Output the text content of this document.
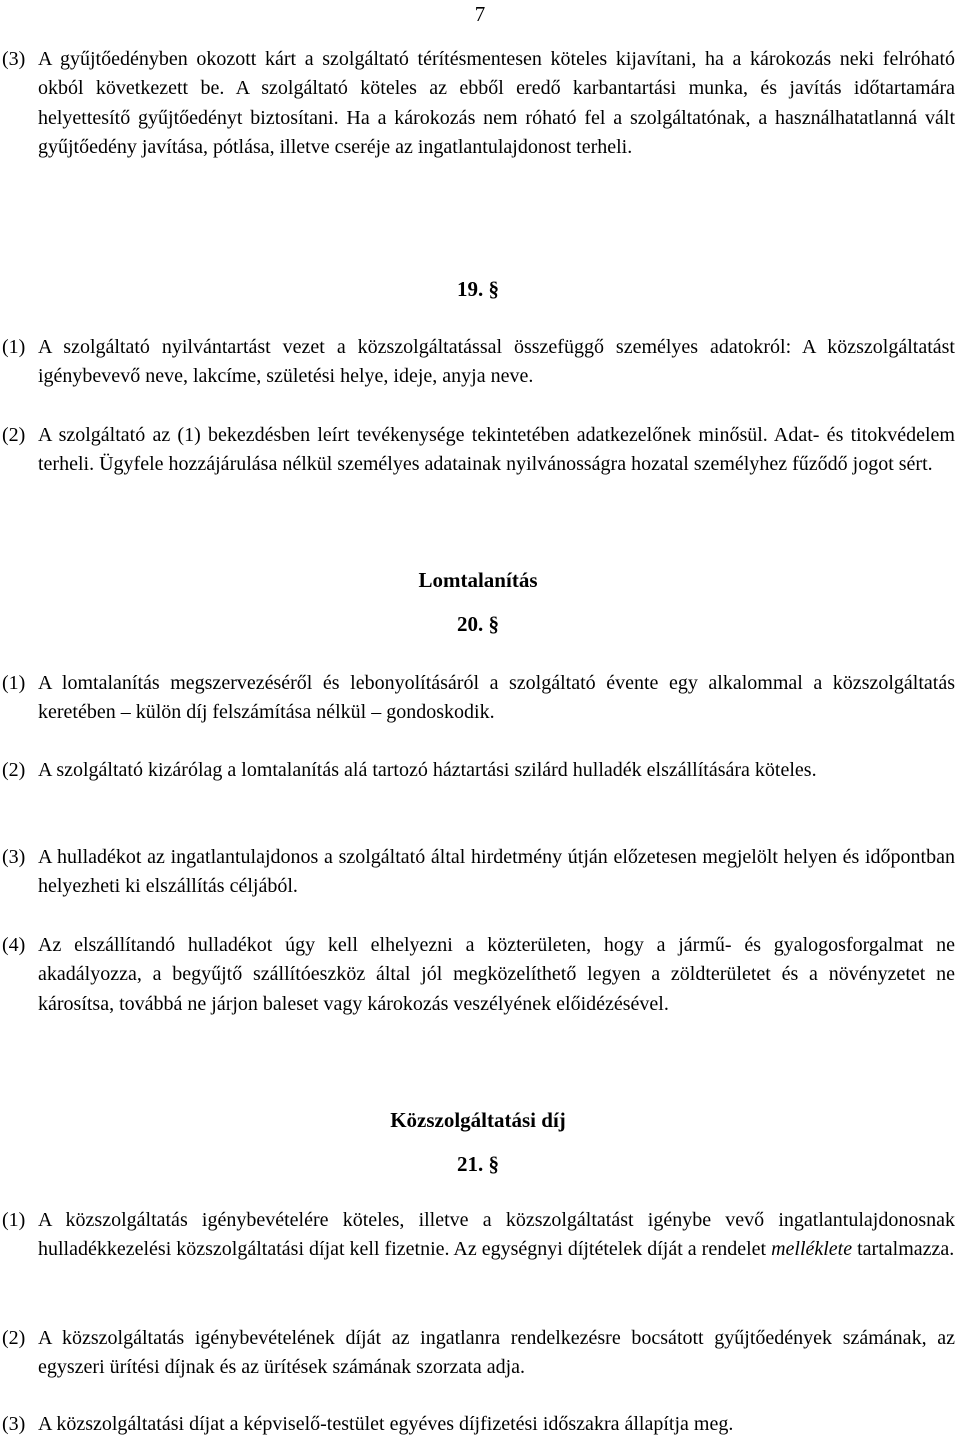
7
(3) A gyűjtőedényben okozott kárt a szolgáltató térítésmentesen köteles kijavítani, ha a károkozás neki felróható okból következett be. A szolgáltató köteles az ebből eredő karbantartási munka, és javítás időtartamára helyettesítő gyűjtőedényt biztosítani. Ha a károkozás nem róható fel a szolgáltatónak, a használhatatlanná vált gyűjtőedény javítása, pótlása, illetve cseréje az ingatlantulajdonost terheli.
19. §
(1) A szolgáltató nyilvántartást vezet a közszolgáltatással összefüggő személyes adatokról: A közszolgáltatást igénybevevő neve, lakcíme, születési helye, ideje, anyja neve.
(2) A szolgáltató az (1) bekezdésben leírt tevékenysége tekintetében adatkezelőnek minősül. Adat- és titokvédelem terheli. Ügyfele hozzájárulása nélkül személyes adatainak nyilvánosságra hozatal személyhez fűződő jogot sért.
Lomtalanítás
20. §
(1) A lomtalanítás megszervezéséről és lebonyolításáról a szolgáltató évente egy alkalommal a közszolgáltatás keretében – külön díj felszámítása nélkül – gondoskodik.
(2) A szolgáltató kizárólag a lomtalanítás alá tartozó háztartási szilárd hulladék elszállítására köteles.
(3) A hulladékot az ingatlantulajdonos a szolgáltató által hirdetmény útján előzetesen megjelölt helyen és időpontban helyezheti ki elszállítás céljából.
(4) Az elszállítandó hulladékot úgy kell elhelyezni a közterületen, hogy a jármű- és gyalogosforgalmat ne akadályozza, a begyűjtő szállítóeszköz által jól megközelíthető legyen a zöldterületet és a növényzetet ne károsítsa, továbbá ne járjon baleset vagy károkozás veszélyének előidézésével.
Közszolgáltatási díj
21. §
(1) A közszolgáltatás igénybevételére köteles, illetve a közszolgáltatást igénybe vevő ingatlantulajdonosnak hulladékkezelési közszolgáltatási díjat kell fizetnie. Az egységnyi díjtételek díját a rendelet melléklete tartalmazza.
(2) A közszolgáltatás igénybevételének díját az ingatlanra rendelkezésre bocsátott gyűjtőedények számának, az egyszeri ürítési díjnak és az ürítések számának szorzata adja.
(3) A közszolgáltatási díjat a képviselő-testület egyéves díjfizetési időszakra állapítja meg.
